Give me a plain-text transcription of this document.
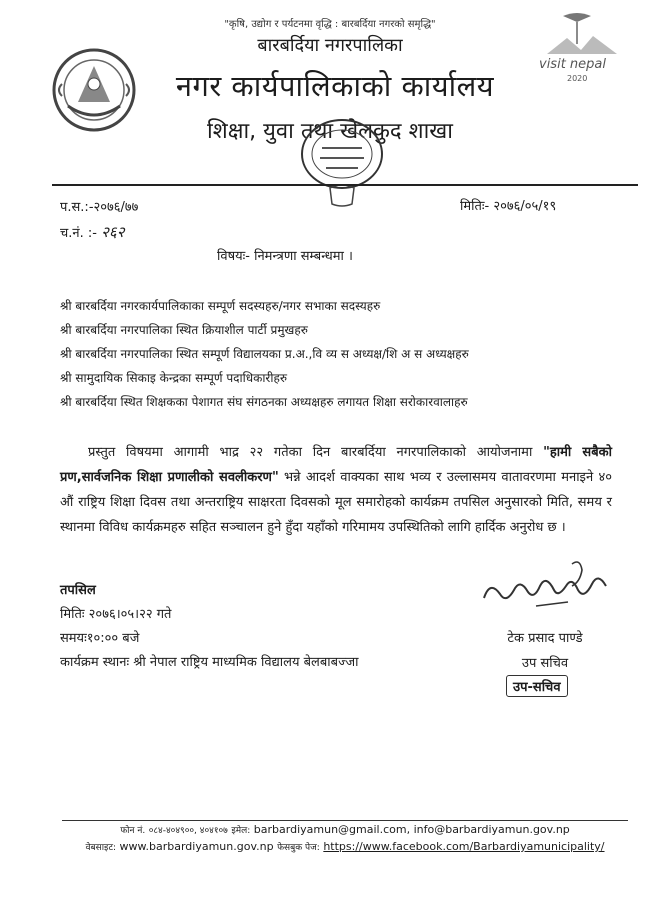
"कृषि, उद्योग र पर्यटनमा वृद्धि : बारबर्दिया नगरको समृद्धि"
बारबर्दिया नगरपालिका
नगर कार्यपालिकाको कार्यालय
शिक्षा, युवा तथा खेलकुद शाखा
visit nepal
2020
प.स.:-२०७६/७७
च.नं. :- २६२
मितिः- २०७६/०५/१९
विषयः- निमन्त्रणा सम्बन्धमा ।
श्री बारबर्दिया नगरकार्यपालिकाका सम्पूर्ण सदस्यहरु/नगर सभाका सदस्यहरु
श्री बारबर्दिया नगरपालिका स्थित क्रियाशील पार्टी प्रमुखहरु
श्री बारबर्दिया नगरपालिका स्थित सम्पूर्ण विद्यालयका प्र.अ.,वि व्य स अध्यक्ष/शि अ स अध्यक्षहरु
श्री सामुदायिक सिकाइ केन्द्रका सम्पूर्ण पदाधिकारीहरु
श्री बारबर्दिया स्थित शिक्षकका पेशागत संघ संगठनका अध्यक्षहरु लगायत शिक्षा सरोकारवालाहरु
प्रस्तुत विषयमा आगामी भाद्र २२ गतेका दिन बारबर्दिया नगरपालिकाको आयोजनामा "हामी सबैको प्रण,सार्वजनिक शिक्षा प्रणालीको सवलीकरण" भन्ने आदर्श वाक्यका साथ भव्य र उल्लासमय वातावरणमा मनाइने ४० औं राष्ट्रिय शिक्षा दिवस तथा अन्तराष्ट्रिय साक्षरता दिवसको मूल समारोहको कार्यक्रम तपसिल अनुसारको मिति, समय र स्थानमा विविध कार्यक्रमहरु सहित सञ्चालन हुने हुँदा यहाँको गरिमामय उपस्थितिको लागि हार्दिक अनुरोध छ ।
तपसिल
मितिः २०७६।०५।२२ गते
समयः१०:०० बजे
कार्यक्रम स्थानः श्री नेपाल राष्ट्रिय माध्यमिक विद्यालय बेलबाबज्जा
टेक प्रसाद पाण्डे
उप सचिव
उप-सचिव
फोन नं. ०८४-४०४९००, ४०४१०७ इमेल: barbardiyamun@gmail.com, info@barbardiyamun.gov.np
वेबसाइट: www.barbardiyamun.gov.np फेसबुक पेज: https://www.facebook.com/Barbardiyamunicipality/
